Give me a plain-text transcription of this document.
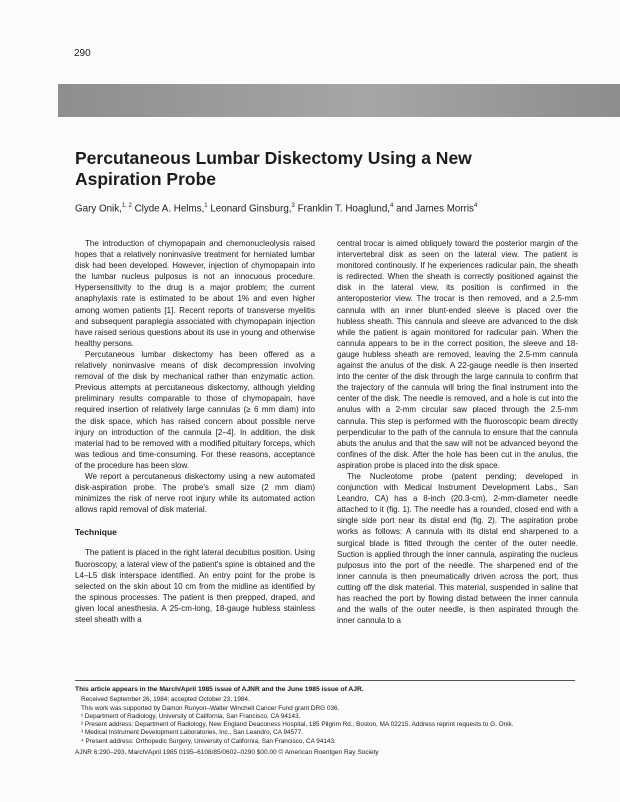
290
Percutaneous Lumbar Diskectomy Using a New Aspiration Probe
Gary Onik,$^{1, 2}$ Clyde A. Helms,$^1$ Leonard Ginsburg,$^3$ Franklin T. Hoaglund,$^4$ and James Morris$^4$

The introduction of chymopapain and chemonucleolysis raised hopes that a relatively noninvasive treatment for herniated lumbar disk had been developed. However, injection of chymopapain into the lumbar nucleus pulposus is not an innocuous procedure. Hypersensitivity to the drug is a major problem; the current anaphylaxis rate is estimated to be about 1% and even higher among women patients [1]. Recent reports of transverse myelitis and subsequent paraplegia associated with chymopapain injection have raised serious questions about its use in young and otherwise healthy persons.

Percutaneous lumbar diskectomy has been offered as a relatively noninvasive means of disk decompression involving removal of the disk by mechanical rather than enzymatic action. Previous attempts at percutaneous diskectomy, although yielding preliminary results comparable to those of chymopapain, have required insertion of relatively large cannulas (≥ 6 mm diam) into the disk space, which has raised concern about possible nerve injury on introduction of the cannula [2–4]. In addition, the disk material had to be removed with a modified pituitary forceps, which was tedious and time-consuming. For these reasons, acceptance of the procedure has been slow.

We report a percutaneous diskectomy using a new automated disk-aspiration probe. The probe's small size (2 mm diam) minimizes the risk of nerve root injury while its automated action allows rapid removal of disk material.

Technique

The patient is placed in the right lateral decubitus position. Using fluoroscopy, a lateral view of the patient's spine is obtained and the L4–L5 disk interspace identified. An entry point for the probe is selected on the skin about 10 cm from the midline as identified by the spinous processes. The patient is then prepped, draped, and given local anesthesia. A 25-cm-long, 18-gauge hubless stainless steel sheath with a

central trocar is aimed obliquely toward the posterior margin of the intervertebral disk as seen on the lateral view. The patient is monitored continously. If he experiences radicular pain, the sheath is redirected. When the sheath is correctly positioned against the disk in the lateral view, its position is confirmed in the anteroposterior view. The trocar is then removed, and a 2.5-mm cannula with an inner blunt-ended sleeve is placed over the hubless sheath. This cannula and sleeve are advanced to the disk while the patient is again monitored for radicular pain. When the cannula appears to be in the correct position, the sleeve and 18-gauge hubless sheath are removed, leaving the 2.5-mm cannula against the anulus of the disk. A 22-gauge needle is then inserted into the center of the disk through the large cannula to confirm that the trajectory of the cannula will bring the final instrument into the center of the disk. The needle is removed, and a hole is cut into the anulus with a 2-mm circular saw placed through the 2.5-mm cannula. This step is performed with the fluoroscopic beam directly perpendicular to the path of the cannula to ensure that the cannula abuts the anulus and that the saw will not be advanced beyond the confines of the disk. After the hole has been cut in the anulus, the aspiration probe is placed into the disk space.

The Nucleotome probe (patent pending; developed in conjunction with Medical Instrument Development Labs., San Leandro, CA) has a 8-inch (20.3-cm), 2-mm-diameter needle attached to it (fig. 1). The needle has a rounded, closed end with a single side port near its distal end (fig. 2). The aspiration probe works as follows: A cannula with its distal end sharpened to a surgical blade is fitted through the center of the outer needle. Suction is applied through the inner cannula, aspirating the nucleus pulposus into the port of the needle. The sharpened end of the inner cannula is then pneumatically driven across the port, thus cutting off the disk material. This material, suspended in saline that has reached the port by flowing distad between the inner cannula and the walls of the outer needle, is then aspirated through the inner cannula to a

This article appears in the March/April 1985 issue of AJNR and the June 1985 issue of AJR.

Received September 26, 1984; accepted October 23, 1984.

This work was supported by Damon Runyon–Walter Winchell Cancer Fund grant DRG 036.

¹ Department of Radiology, University of California, San Francisco, CA 94143.

² Present address: Department of Radiology, New England Deaconess Hospital, 185 Pilgrim Rd., Boston, MA 02215. Address reprint requests to G. Onik.

³ Medical Instrument Development Laboratories, Inc., San Leandro, CA 94577.

⁴ Present address: Orthopedic Surgery, University of California, San Francisco, CA 94143.

AJNR 6:290–293, March/April 1985 0195–6108/85/0602–0290 $00.00 © American Roentgen Ray Society
